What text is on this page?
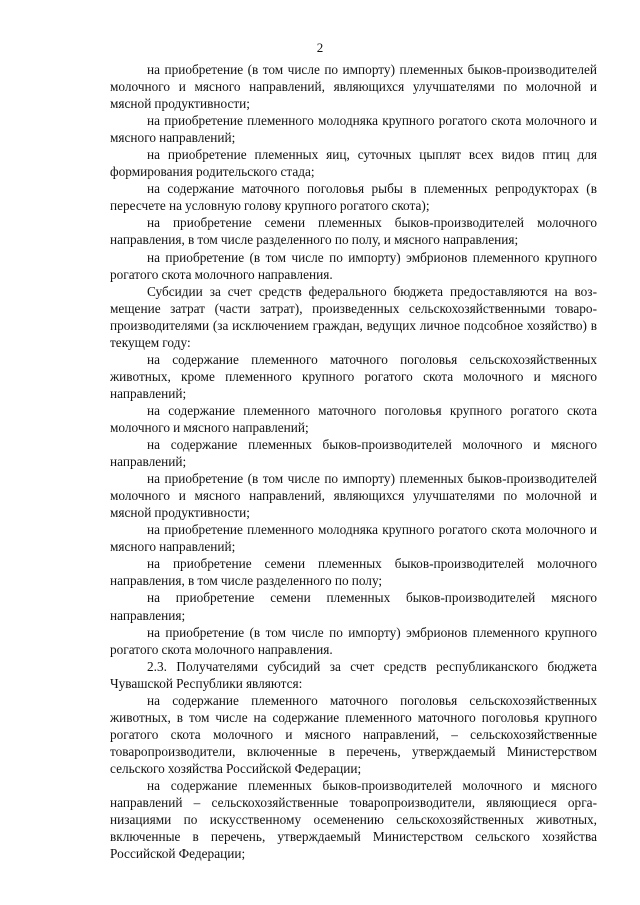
2

на приобретение (в том числе по импорту) племенных быков-производителей молочного и мясного направлений, являющихся улучшателями по молочной и мясной продуктивности;

на приобретение племенного молодняка крупного рогатого скота молочного и мясного направлений;

на приобретение племенных яиц, суточных цыплят всех видов птиц для формирования родительского стада;

на содержание маточного поголовья рыбы в племенных репродукторах (в пересчете на условную голову крупного рогатого скота);

на приобретение семени племенных быков-производителей молочного направления, в том числе разделенного по полу, и мясного направления;

на приобретение (в том числе по импорту) эмбрионов племенного крупного рогатого скота молочного направления.

Субсидии за счет средств федерального бюджета предоставляются на возмещение затрат (части затрат), произведенных сельскохозяйственными товаропроизводителями (за исключением граждан, ведущих личное подсобное хозяйство) в текущем году:

на содержание племенного маточного поголовья сельскохозяйственных животных, кроме племенного крупного рогатого скота молочного и мясного направлений;

на содержание племенного маточного поголовья крупного рогатого скота молочного и мясного направлений;

на содержание племенных быков-производителей молочного и мясного направлений;

на приобретение (в том числе по импорту) племенных быков-производителей молочного и мясного направлений, являющихся улучшателями по молочной и мясной продуктивности;

на приобретение племенного молодняка крупного рогатого скота молочного и мясного направлений;

на приобретение семени племенных быков-производителей молочного направления, в том числе разделенного по полу;

на приобретение семени племенных быков-производителей мясного направления;

на приобретение (в том числе по импорту) эмбрионов племенного крупного рогатого скота молочного направления.

2.3. Получателями субсидий за счет средств республиканского бюджета Чувашской Республики являются:

на содержание племенного маточного поголовья сельскохозяйственных животных, в том числе на содержание племенного маточного поголовья крупного рогатого скота молочного и мясного направлений, – сельскохозяйственные товаропроизводители, включенные в перечень, утверждаемый Министерством сельского хозяйства Российской Федерации;

на содержание племенных быков-производителей молочного и мясного направлений – сельскохозяйственные товаропроизводители, являющиеся организациями по искусственному осеменению сельскохозяйственных животных, включенные в перечень, утверждаемый Министерством сельского хозяйства Российской Федерации;
